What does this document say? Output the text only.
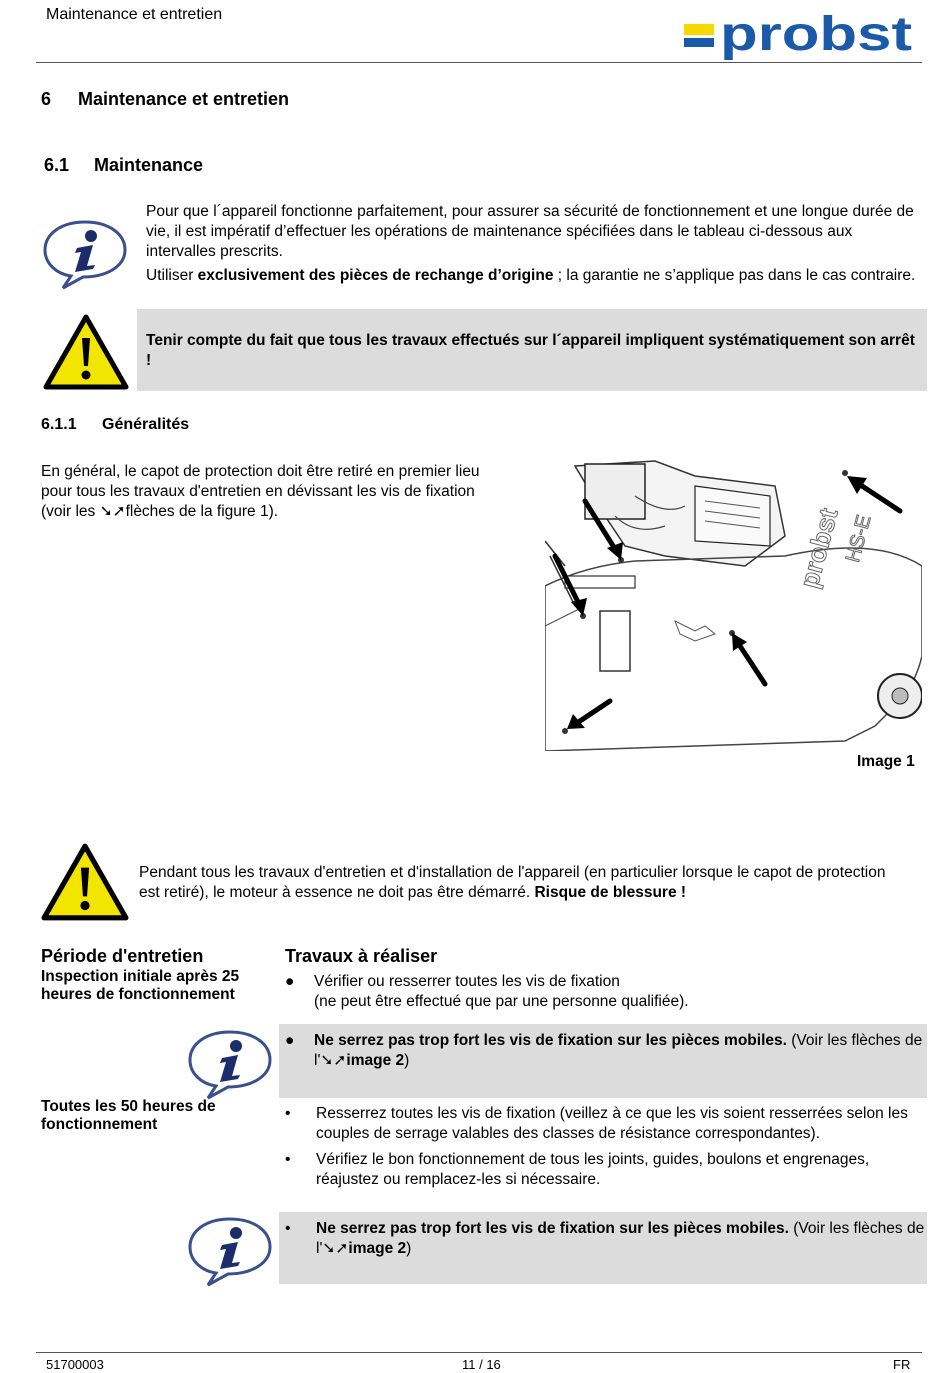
Maintenance et entretien	probst
6 Maintenance et entretien
6.1 Maintenance

Pour que l´appareil fonctionne parfaitement, pour assurer sa sécurité de fonctionnement et une longue durée de vie, il est impératif d’effectuer les opérations de maintenance spécifiées dans le tableau ci-dessous aux intervalles prescrits.

Utiliser exclusivement des pièces de rechange d’origine ; la garantie ne s’applique pas dans le cas contraire.

Tenir compte du fait que tous les travaux effectués sur l´appareil impliquent systématiquement son arrêt !

6.1.1 Généralités

En général, le capot de protection doit être retiré en premier lieu pour tous les travaux d'entretien en dévissant les vis de fixation (voir les ➘➚flèches de la figure 1).	probst
HS-E
Image 1

Pendant tous les travaux d'entretien et d'installation de l'appareil (en particulier lorsque le capot de protection est retiré), le moteur à essence ne doit pas être démarré. Risque de blessure !

Période d'entretien	Travaux à réaliser
Inspection initiale après 25 heures de fonctionnement
● Vérifier ou resserrer toutes les vis de fixation
(ne peut être effectué que par une personne qualifiée).
● Ne serrez pas trop fort les vis de fixation sur les pièces mobiles. (Voir les flèches de l'➘➚image 2)
Toutes les 50 heures de fonctionnement
• Resserrez toutes les vis de fixation (veillez à ce que les vis soient resserrées selon les couples de serrage valables des classes de résistance correspondantes).
• Vérifiez le bon fonctionnement de tous les joints, guides, boulons et engrenages, réajustez ou remplacez-les si nécessaire.
• Ne serrez pas trop fort les vis de fixation sur les pièces mobiles. (Voir les flèches de l'➘➚image 2)
51700003	11 / 16	FR
